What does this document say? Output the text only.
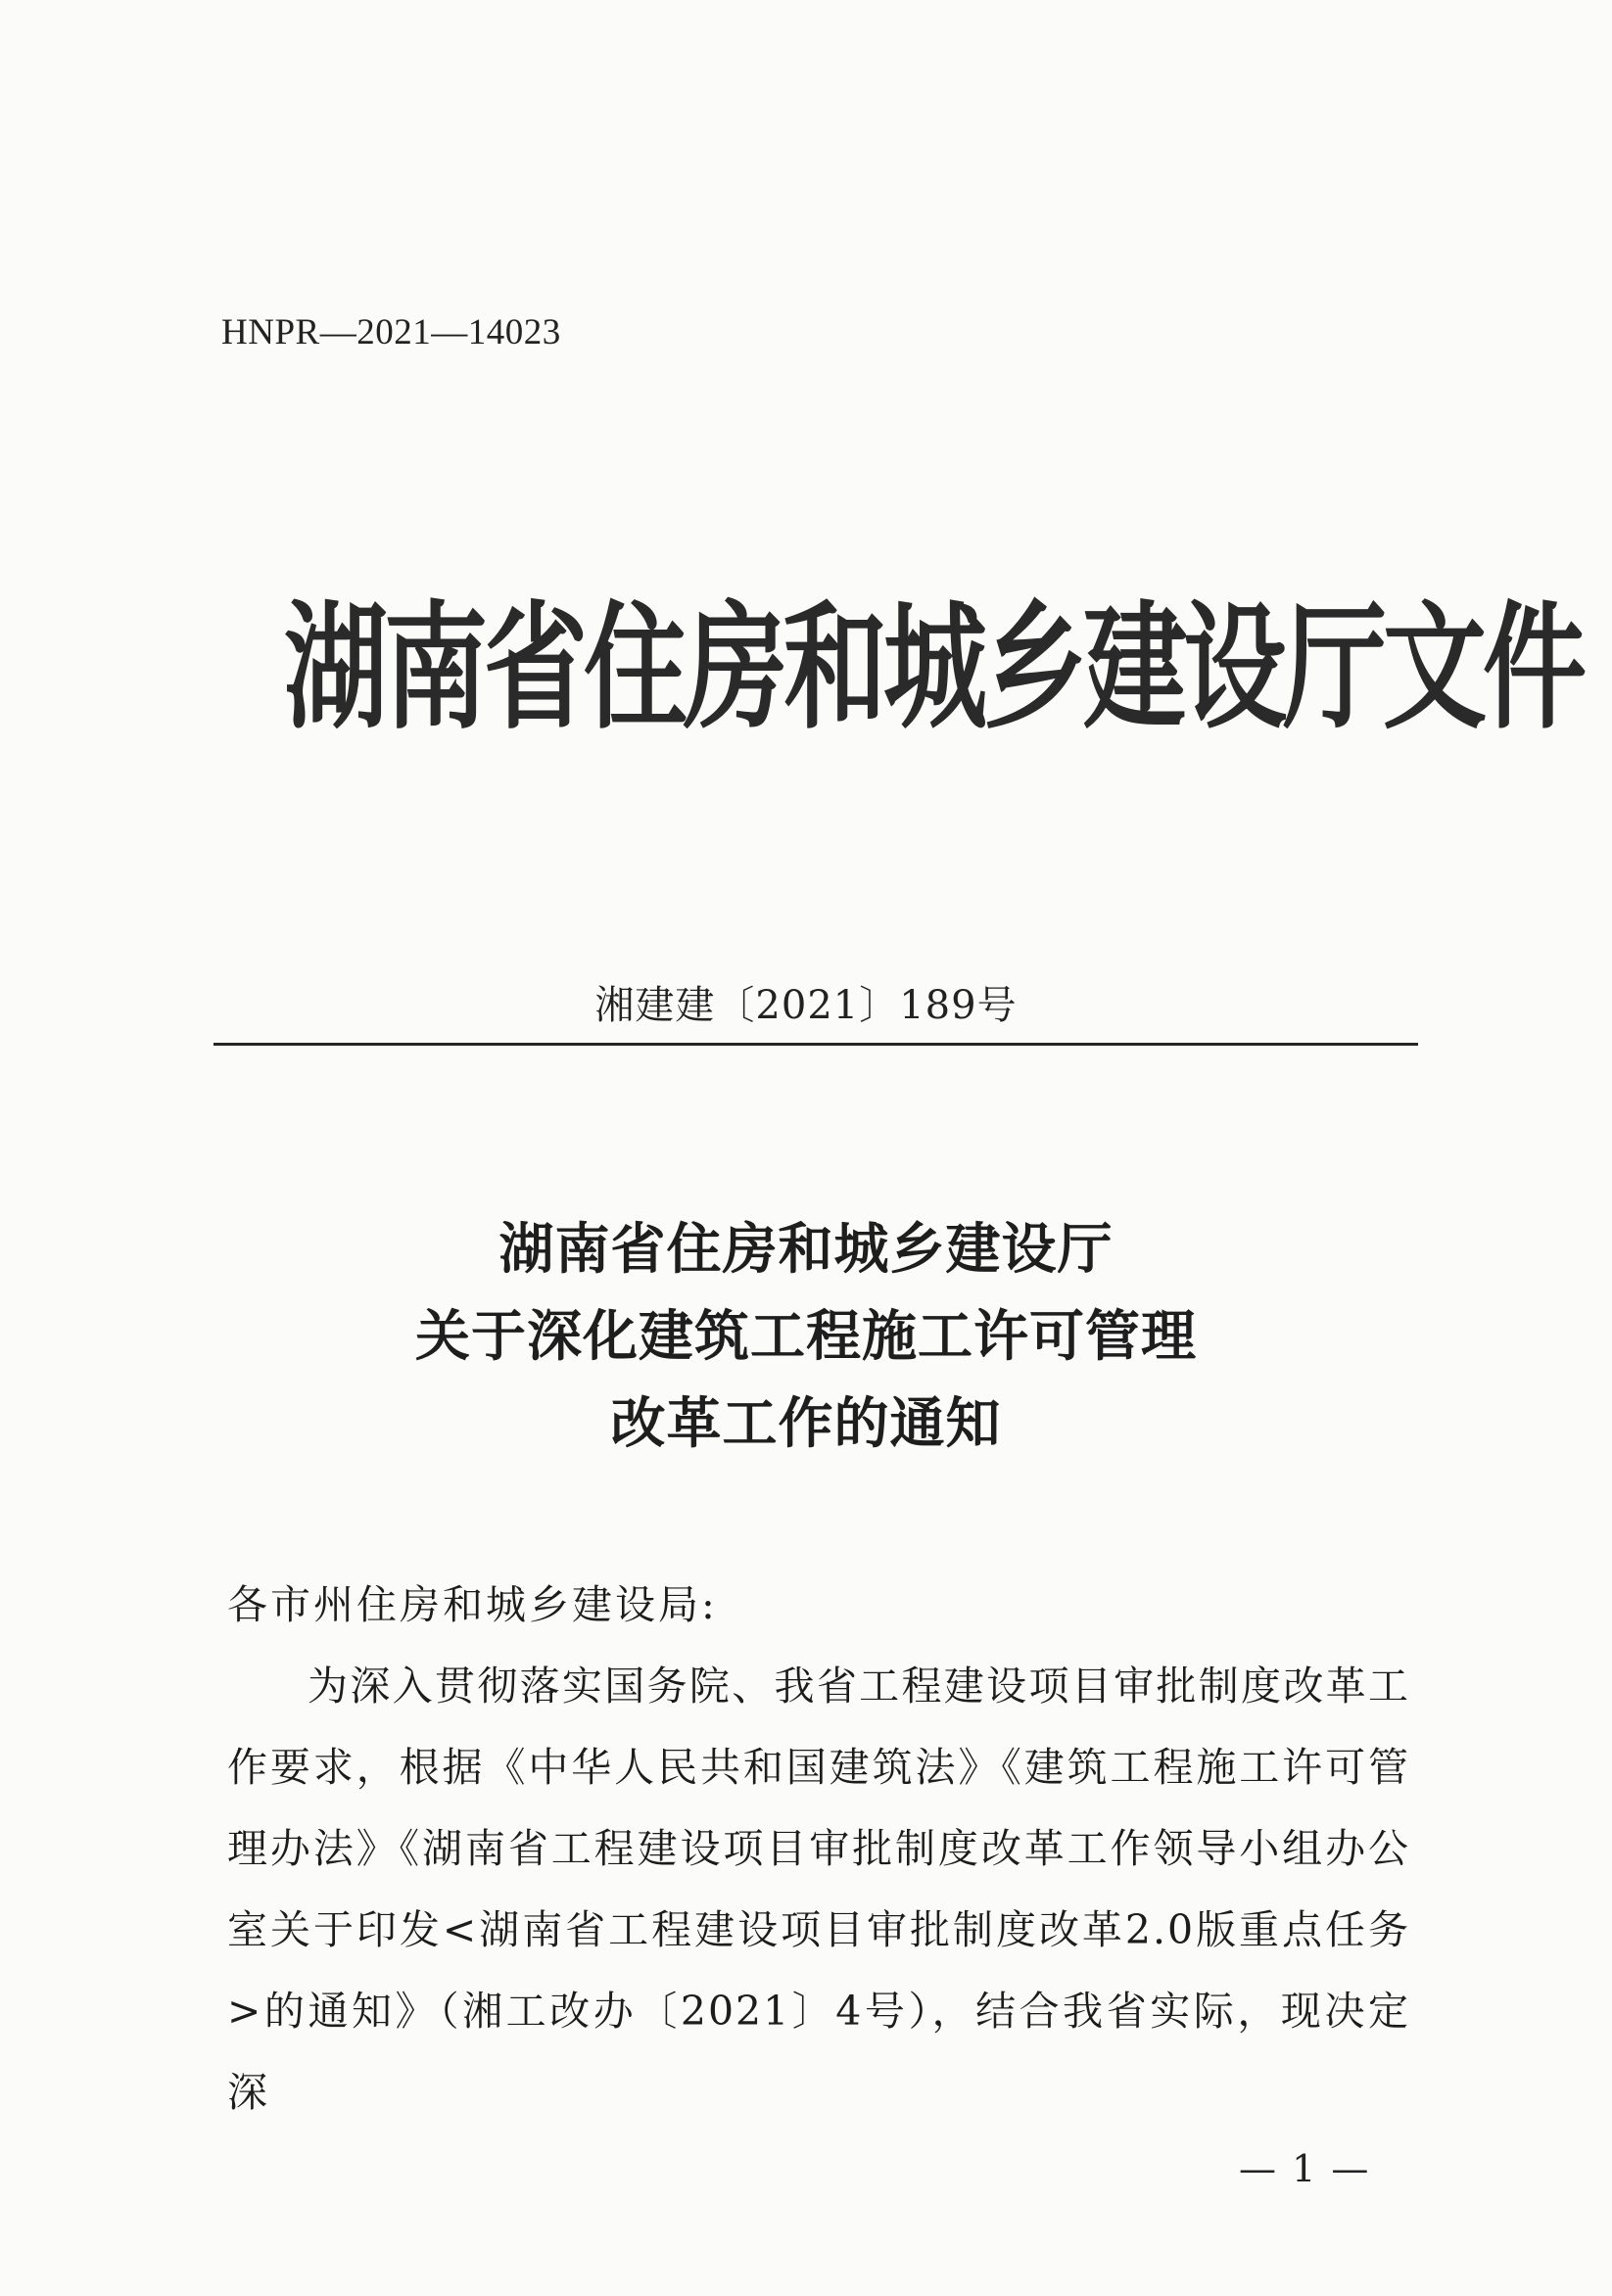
HNPR—2021—14023
湖南省住房和城乡建设厅文件
湘建建〔2021〕189号
湖南省住房和城乡建设厅
关于深化建筑工程施工许可管理
改革工作的通知

各市州住房和城乡建设局:

为深入贯彻落实国务院、我省工程建设项目审批制度改革工作要求，根据《中华人民共和国建筑法》《建筑工程施工许可管理办法》《湖南省工程建设项目审批制度改革工作领导小组办公室关于印发<湖南省工程建设项目审批制度改革2.0版重点任务>的通知》（湘工改办〔2021〕4号），结合我省实际，现决定深

— 1 —
